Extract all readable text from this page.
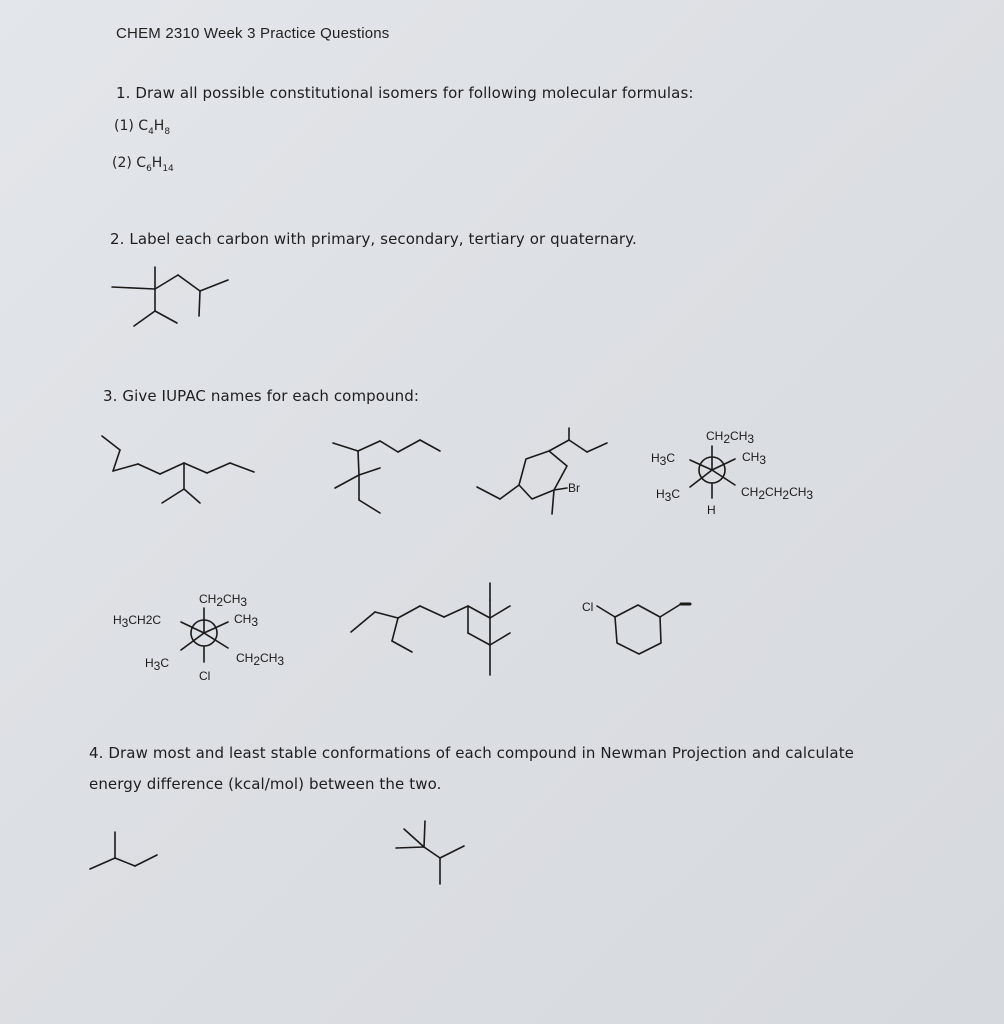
CHEM 2310 Week 3 Practice Questions
1. Draw all possible constitutional isomers for following molecular formulas:
(1) $C_4H_8$
(2) $C_6H_{14}$
2. Label each carbon with primary, secondary, tertiary or quaternary.
3. Give IUPAC names for each compound:
4. Draw most and least stable conformations of each compound in Newman Projection and calculate
energy difference (kcal/mol) between the two.
Br
CH2CH3
CH3
H3C
H3C	CH2CH2CH3
H
CH2CH3
CH3
H3CH2C
H3C	CH2CH3
Cl
Cl
